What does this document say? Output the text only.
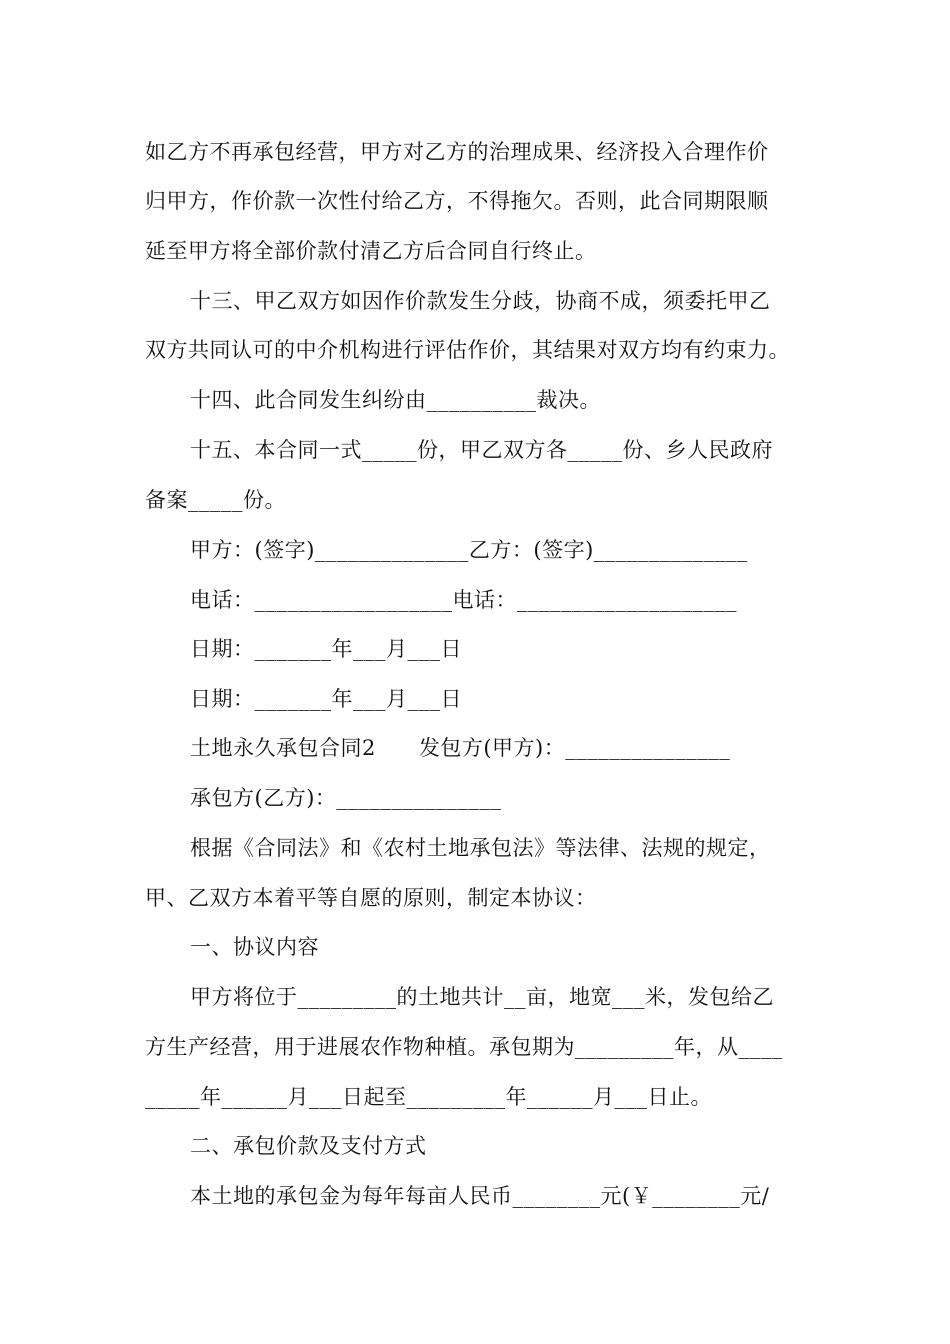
如乙方不再承包经营，甲方对乙方的治理成果、经济投入合理作价
归甲方，作价款一次性付给乙方，不得拖欠。否则，此合同期限顺
延至甲方将全部价款付清乙方后合同自行终止。
十三、甲乙双方如因作价款发生分歧，协商不成，须委托甲乙
双方共同认可的中介机构进行评估作价，其结果对双方均有约束力。
十四、此合同发生纠纷由__________裁决。
十五、本合同一式_____份，甲乙双方各_____份、乡人民政府
备案_____份。
甲方：(签字)______________乙方：(签字)______________
电话：__________________电话：____________________
日期：_______年___月___日
日期：_______年___月___日
土地永久承包合同2　　发包方(甲方)：_______________
承包方(乙方)：_______________
根据《合同法》和《农村土地承包法》等法律、法规的规定，
甲、乙双方本着平等自愿的原则，制定本协议：
一、协议内容
甲方将位于_________的土地共计__亩，地宽___米，发包给乙
方生产经营，用于进展农作物种植。承包期为_________年，从____
_____年______月___日起至_________年______月___日止。
二、承包价款及支付方式
本土地的承包金为每年每亩人民币________元(￥________元/
